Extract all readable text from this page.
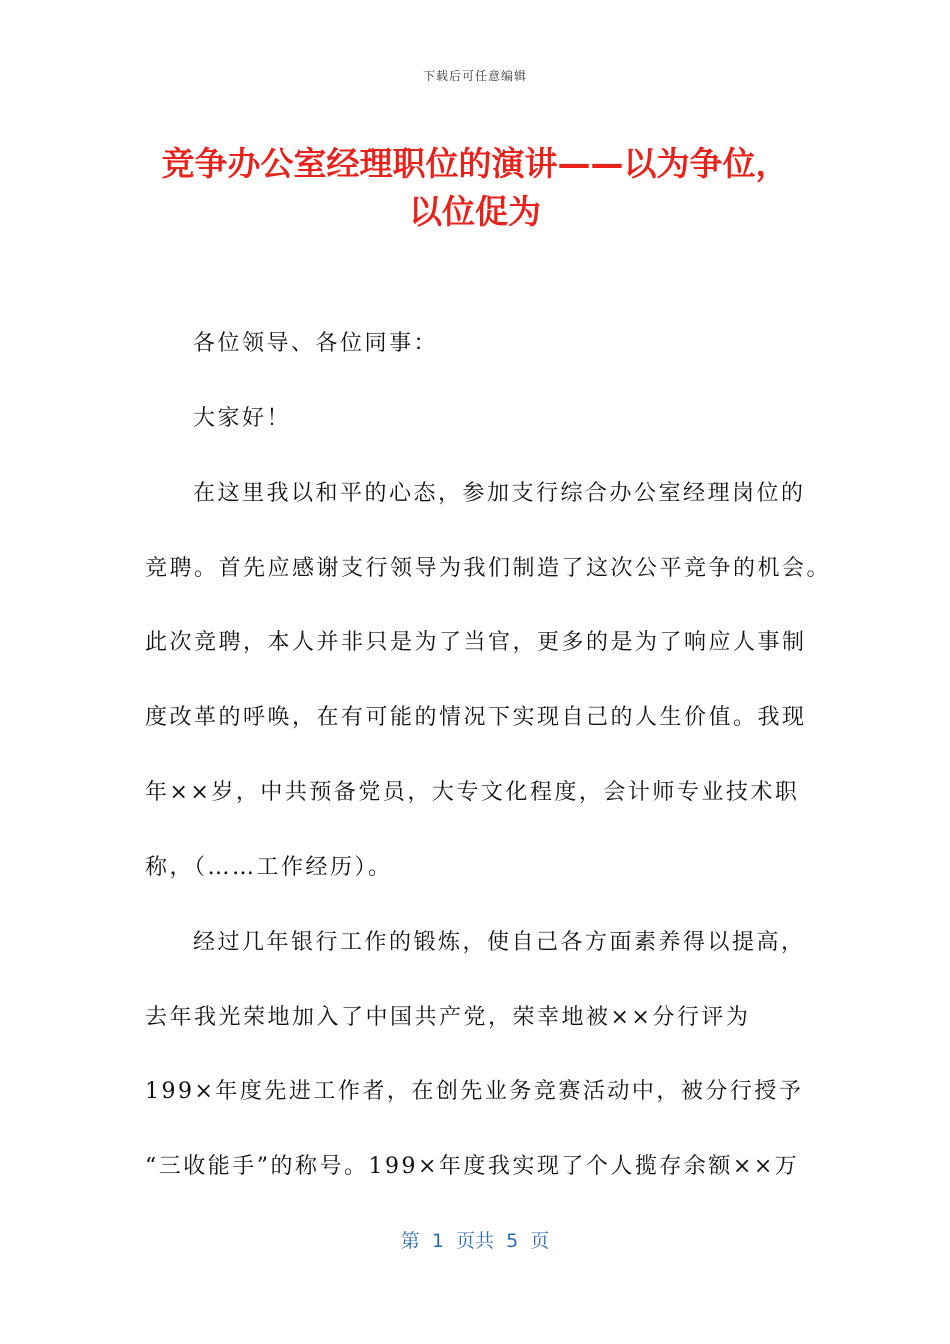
下载后可任意编辑
竞争办公室经理职位的演讲——以为争位，
以位促为
各位领导、各位同事：
大家好！
在这里我以和平的心态，参加支行综合办公室经理岗位的
竞聘。首先应感谢支行领导为我们制造了这次公平竞争的机会。
此次竞聘，本人并非只是为了当官，更多的是为了响应人事制
度改革的呼唤，在有可能的情况下实现自己的人生价值。我现
年××岁，中共预备党员，大专文化程度，会计师专业技术职
称，（……工作经历）。
经过几年银行工作的锻炼，使自己各方面素养得以提高，
去年我光荣地加入了中国共产党，荣幸地被××分行评为
199×年度先进工作者，在创先业务竞赛活动中，被分行授予
“三收能手”的称号。199×年度我实现了个人揽存余额××万
第  1  页共  5  页
